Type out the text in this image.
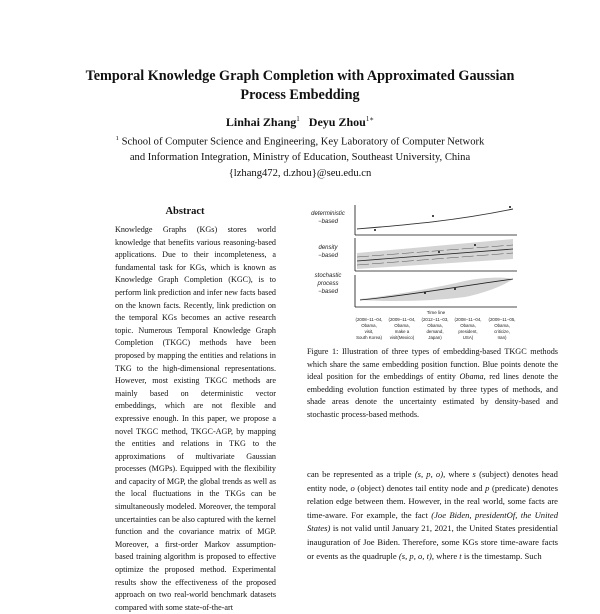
Temporal Knowledge Graph Completion with Approximated Gaussian
Process Embedding
Linhai Zhang$^1$ Deyu Zhou$^{1∗}$
$^1$ School of Computer Science and Engineering, Key Laboratory of Computer Network
and Information Integration, Ministry of Education, Southeast University, China
{lzhang472, d.zhou}@seu.edu.cn
Abstract
Knowledge Graphs (KGs) stores world knowledge that benefits various reasoning-based applications. Due to their incompleteness, a fundamental task for KGs, which is known as Knowledge Graph Completion (KGC), is to perform link prediction and infer new facts based on the known facts. Recently, link prediction on the temporal KGs becomes an active research topic. Numerous Temporal Knowledge Graph Completion (TKGC) methods have been proposed by mapping the entities and relations in TKG to the high-dimensional representations. However, most existing TKGC methods are mainly based on deterministic vector embeddings, which are not flexible and expressive enough. In this paper, we propose a novel TKGC method, TKGC-AGP, by mapping the entities and relations in TKG to the approximations of multivariate Gaussian processes (MGPs). Equipped with the flexibility and capacity of MGP, the global trends as well as the local fluctuations in the TKGs can be simultaneously modeled. Moreover, the temporal uncertainties can be also captured with the kernel function and the covariance matrix of MGP. Moreover, a first-order Markov assumption-based training algorithm is proposed to effective optimize the proposed method. Experimental results show the effectiveness of the proposed approach on two real-world benchmark datasets compared with some state-of-the-art
deterministic
−based
density
−based
stochastic
process
−based
Time line
(2008−11−04,
Obama,
visit,
South Korea)
(2009−11−04,
Obama,
make a
visit(Mexico)
(2012−11−03,
Obama,
demand,
Japan)
(2008−11−04,
Obama,
president,
USA)
(2009−11−05,
Obama,
criticize,
Iran)
Figure 1: Illustration of three types of embedding-based TKGC methods which share the same embedding position function. Blue points denote the ideal position for the embeddings of entity Obama, red lines denote the embedding evolution function estimated by three types of methods, and shade areas denote the uncertainty estimated by density-based and stochastic process-based methods.
can be represented as a triple (s, p, o), where s (subject) denotes head entity node, o (object) denotes tail entity node and p (predicate) denotes relation edge between them. However, in the real world, some facts are time-aware. For example, the fact (Joe Biden, presidentOf, the United States) is not valid until January 21, 2021, the United States presidential inauguration of Joe Biden. Therefore, some KGs store time-aware facts or events as the quadruple (s, p, o, t), where t is the timestamp. Such
